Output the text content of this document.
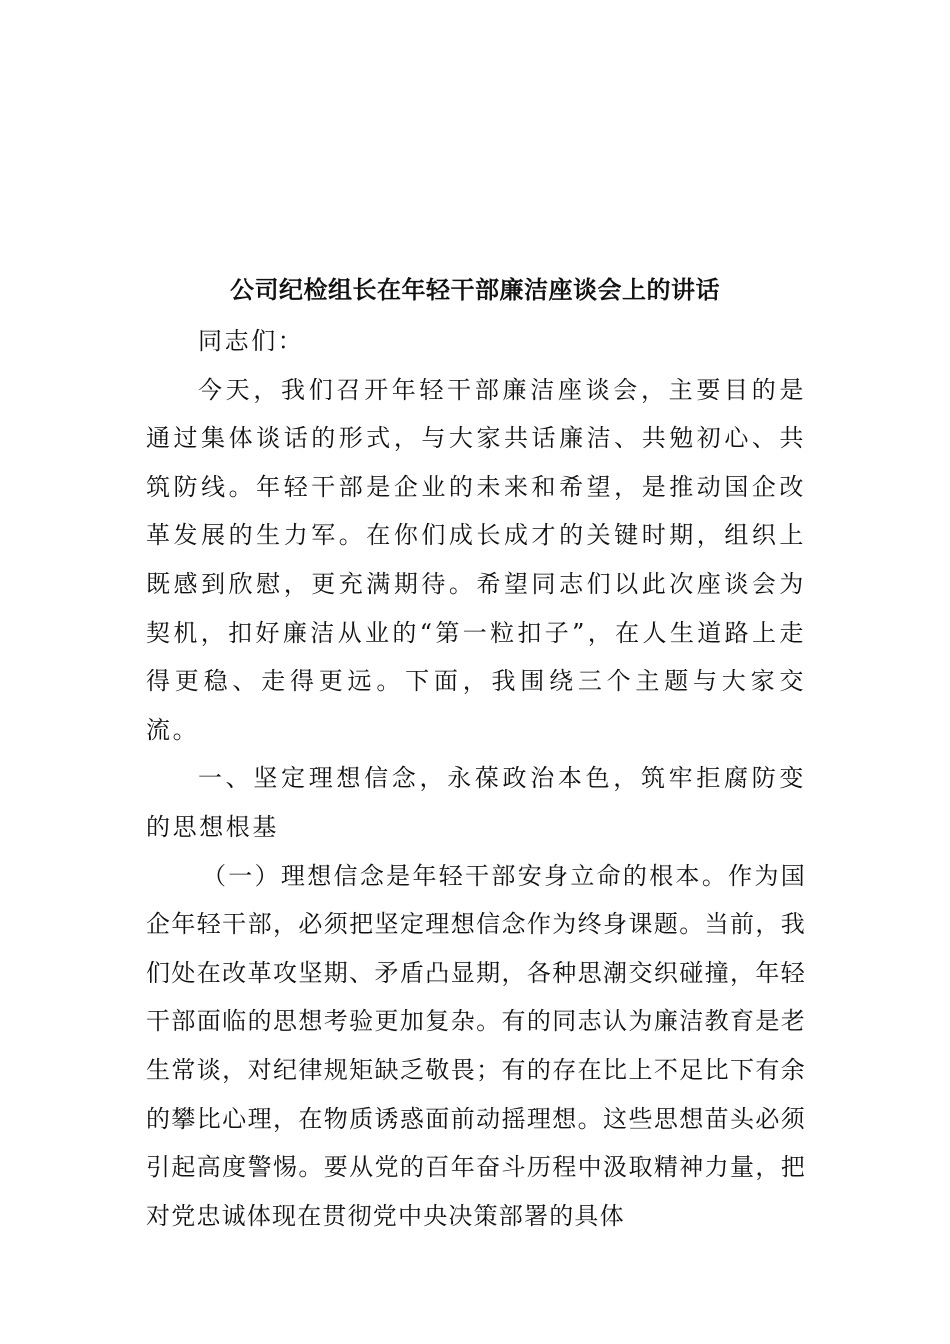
公司纪检组长在年轻干部廉洁座谈会上的讲话

同志们：

今天，我们召开年轻干部廉洁座谈会，主要目的是通过集体谈话的形式，与大家共话廉洁、共勉初心、共筑防线。年轻干部是企业的未来和希望，是推动国企改革发展的生力军。在你们成长成才的关键时期，组织上既感到欣慰，更充满期待。希望同志们以此次座谈会为契机，扣好廉洁从业的“第一粒扣子”，在人生道路上走得更稳、走得更远。下面，我围绕三个主题与大家交流。

一、坚定理想信念，永葆政治本色，筑牢拒腐防变的思想根基

（一）理想信念是年轻干部安身立命的根本。作为国企年轻干部，必须把坚定理想信念作为终身课题。当前，我们处在改革攻坚期、矛盾凸显期，各种思潮交织碰撞，年轻干部面临的思想考验更加复杂。有的同志认为廉洁教育是老生常谈，对纪律规矩缺乏敬畏；有的存在比上不足比下有余的攀比心理，在物质诱惑面前动摇理想。这些思想苗头必须引起高度警惕。要从党的百年奋斗历程中汲取精神力量，把对党忠诚体现在贯彻党中央决策部署的具体
